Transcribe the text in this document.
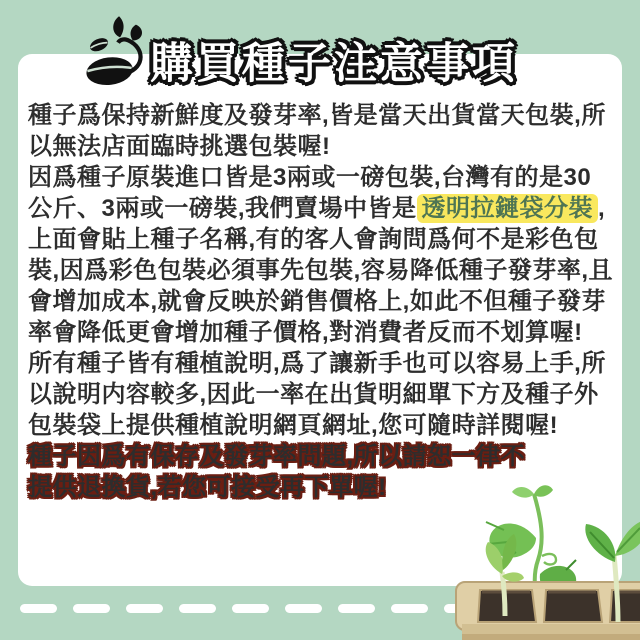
種子爲保持新鮮度及發芽率,皆是當天出貨當天包裝,所以無法店面臨時挑選包裝喔!

因爲種子原裝進口皆是3兩或一磅包裝,台灣有的是30公斤、3兩或一磅裝,我們賣場中皆是 透明拉鏈袋分裝 ,上面會貼上種子名稱,有的客人會詢問爲何不是彩色包裝,因爲彩色包裝必須事先包裝,容易降低種子發芽率,且會增加成本,就會反映於銷售價格上,如此不但種子發芽率會降低更會增加種子價格,對消費者反而不划算喔!

所有種子皆有種植說明,爲了讓新手也可以容易上手,所以說明内容較多,因此一率在出貨明細單下方及種子外包裝袋上提供種植說明網頁網址,您可隨時詳閱喔!

種子因爲有保存及發芽率問題,所以請恕一律不提供退換貨,若您可接受再下單喔!

購買種子注意事項
